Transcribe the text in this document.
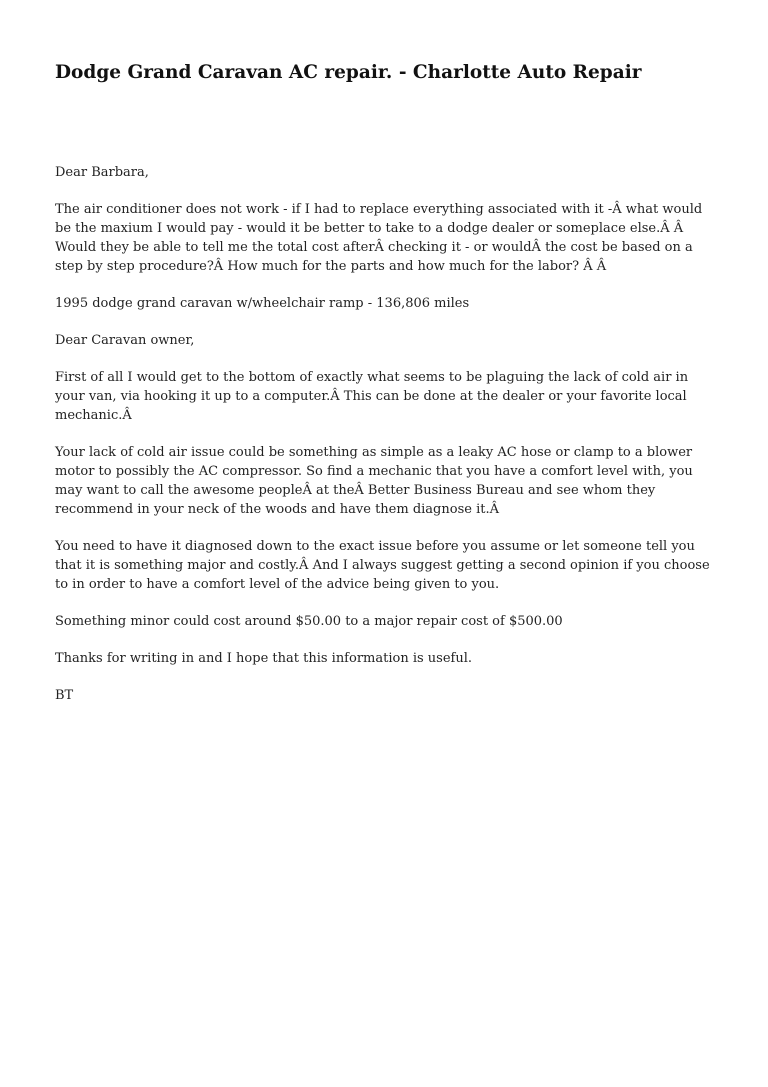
Dodge Grand Caravan AC repair. - Charlotte Auto Repair

Dear Barbara,

The air conditioner does not work - if I had to replace everything associated with it -Â what would be the maxium I would pay - would it be better to take to a dodge dealer or someplace else.Â Â Would they be able to tell me the total cost afterÂ checking it - or wouldÂ the cost be based on a step by step procedure?Â How much for the parts and how much for the labor? Â Â

1995 dodge grand caravan w/wheelchair ramp - 136,806 miles

Dear Caravan owner,

First of all I would get to the bottom of exactly what seems to be plaguing the lack of cold air in your van, via hooking it up to a computer.Â This can be done at the dealer or your favorite local mechanic.Â

Your lack of cold air issue could be something as simple as a leaky AC hose or clamp to a blower motor to possibly the AC compressor. So find a mechanic that you have a comfort level with, you may want to call the awesome peopleÂ at theÂ Better Business Bureau and see whom they recommend in your neck of the woods and have them diagnose it.Â

You need to have it diagnosed down to the exact issue before you assume or let someone tell you that it is something major and costly.Â And I always suggest getting a second opinion if you choose to in order to have a comfort level of the advice being given to you.

Something minor could cost around $50.00 to a major repair cost of $500.00

Thanks for writing in and I hope that this information is useful.

BT
